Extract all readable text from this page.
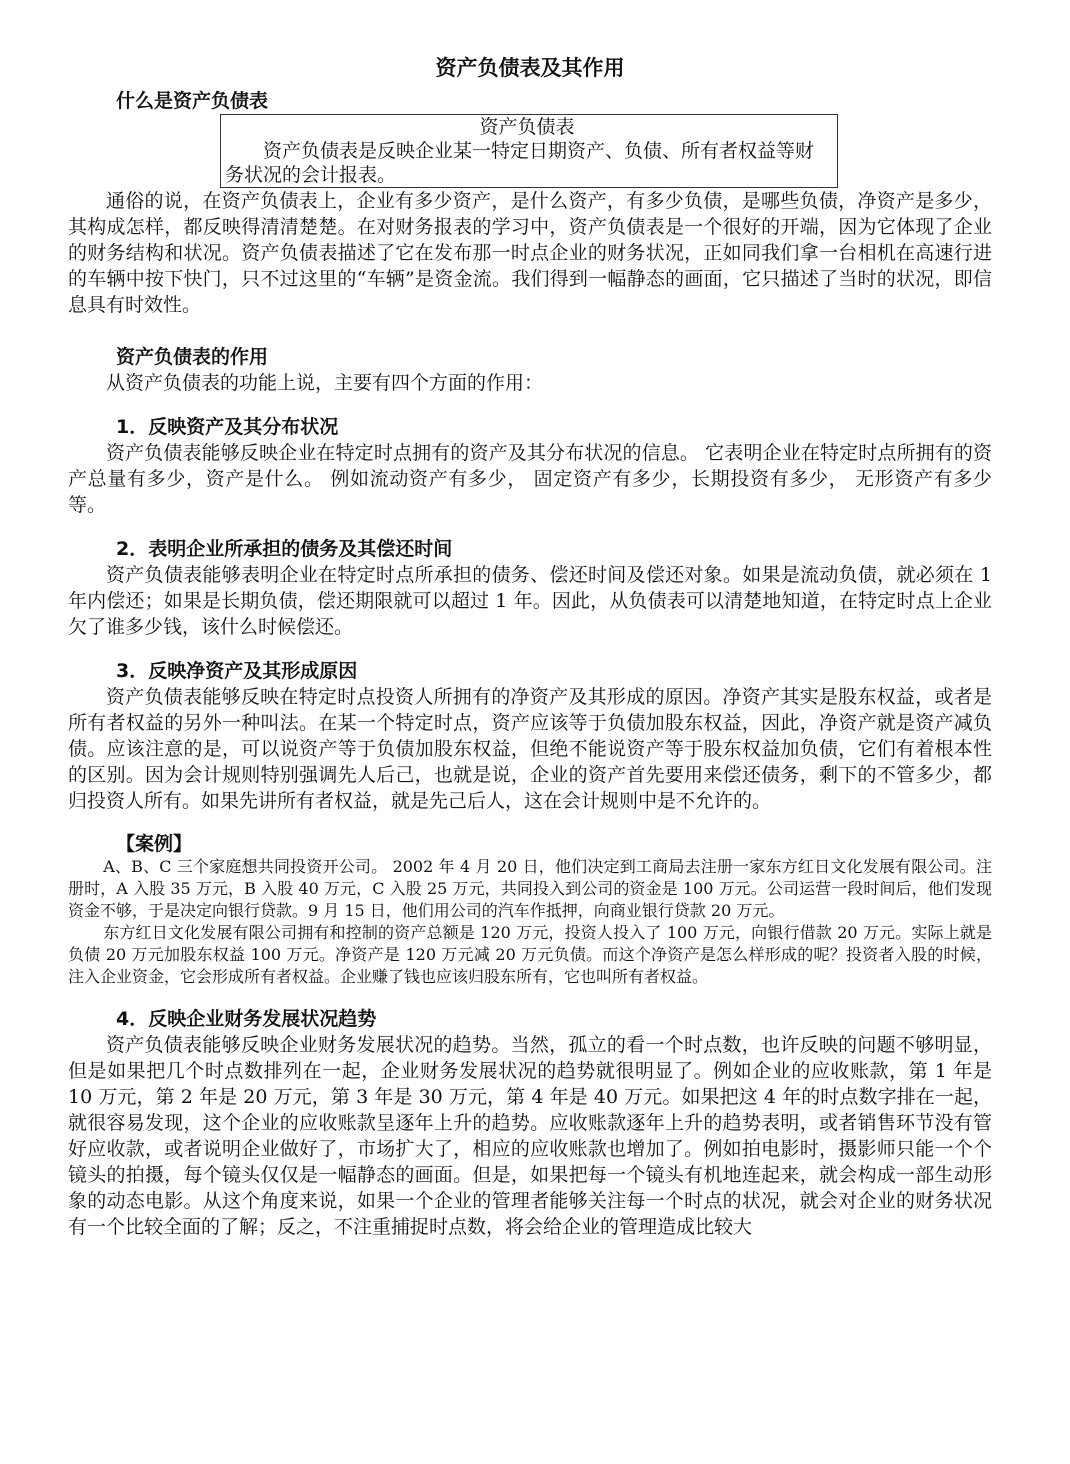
资产负债表及其作用
什么是资产负债表
资产负债表
资产负债表是反映企业某一特定日期资产、负债、所有者权益等财务状况的会计报表。

通俗的说，在资产负债表上，企业有多少资产，是什么资产，有多少负债，是哪些负债，净资产是多少，其构成怎样，都反映得清清楚楚。在对财务报表的学习中，资产负债表是一个很好的开端，因为它体现了企业的财务结构和状况。资产负债表描述了它在发布那一时点企业的财务状况，正如同我们拿一台相机在高速行进的车辆中按下快门，只不过这里的“车辆”是资金流。我们得到一幅静态的画面，它只描述了当时的状况，即信息具有时效性。

资产负债表的作用

从资产负债表的功能上说，主要有四个方面的作用：

1．反映资产及其分布状况

资产负债表能够反映企业在特定时点拥有的资产及其分布状况的信息。 它表明企业在特定时点所拥有的资产总量有多少，资产是什么。 例如流动资产有多少， 固定资产有多少，长期投资有多少， 无形资产有多少等。

2．表明企业所承担的债务及其偿还时间

资产负债表能够表明企业在特定时点所承担的债务、偿还时间及偿还对象。如果是流动负债，就必须在 1 年内偿还；如果是长期负债，偿还期限就可以超过 1 年。因此，从负债表可以清楚地知道，在特定时点上企业欠了谁多少钱，该什么时候偿还。

3．反映净资产及其形成原因

资产负债表能够反映在特定时点投资人所拥有的净资产及其形成的原因。净资产其实是股东权益，或者是所有者权益的另外一种叫法。在某一个特定时点，资产应该等于负债加股东权益，因此，净资产就是资产减负债。应该注意的是，可以说资产等于负债加股东权益，但绝不能说资产等于股东权益加负债，它们有着根本性的区别。因为会计规则特别强调先人后己，也就是说，企业的资产首先要用来偿还债务，剩下的不管多少，都归投资人所有。如果先讲所有者权益，就是先己后人，这在会计规则中是不允许的。

【案例】

A、B、C 三个家庭想共同投资开公司。 2002 年 4 月 20 日，他们决定到工商局去注册一家东方红日文化发展有限公司。注册时，A 入股 35 万元，B 入股 40 万元，C 入股 25 万元，共同投入到公司的资金是 100 万元。公司运营一段时间后，他们发现资金不够，于是决定向银行贷款。9 月 15 日，他们用公司的汽车作抵押，向商业银行贷款 20 万元。

东方红日文化发展有限公司拥有和控制的资产总额是 120 万元，投资人投入了 100 万元，向银行借款 20 万元。实际上就是负债 20 万元加股东权益 100 万元。净资产是 120 万元减 20 万元负债。而这个净资产是怎么样形成的呢？投资者入股的时候，注入企业资金，它会形成所有者权益。企业赚了钱也应该归股东所有，它也叫所有者权益。

4．反映企业财务发展状况趋势

资产负债表能够反映企业财务发展状况的趋势。当然，孤立的看一个时点数，也许反映的问题不够明显，但是如果把几个时点数排列在一起，企业财务发展状况的趋势就很明显了。例如企业的应收账款，第 1 年是 10 万元，第 2 年是 20 万元，第 3 年是 30 万元，第 4 年是 40 万元。如果把这 4 年的时点数字排在一起，就很容易发现，这个企业的应收账款呈逐年上升的趋势。应收账款逐年上升的趋势表明，或者销售环节没有管好应收款，或者说明企业做好了，市场扩大了，相应的应收账款也增加了。例如拍电影时，摄影师只能一个个镜头的拍摄，每个镜头仅仅是一幅静态的画面。但是，如果把每一个镜头有机地连起来，就会构成一部生动形象的动态电影。从这个角度来说，如果一个企业的管理者能够关注每一个时点的状况，就会对企业的财务状况有一个比较全面的了解；反之，不注重捕捉时点数，将会给企业的管理造成比较大
